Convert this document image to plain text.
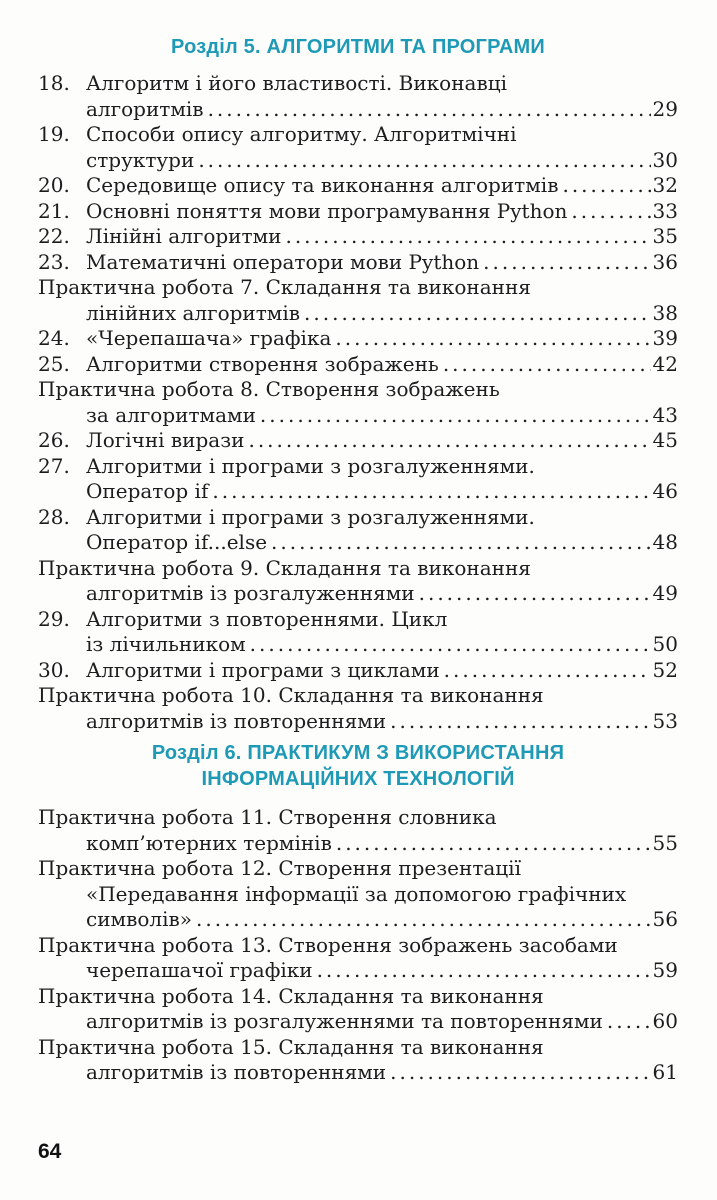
Розділ 5. АЛГОРИТМИ ТА ПРОГРАМИ
18. Алгоритм і його властивості. Виконавці
алгоритмів .....	29
19. Способи опису алгоритму. Алгоритмічні
структури .....	30
20. Середовище опису та виконання алгоритмів .....	32
21. Основні поняття мови програмування Python .....	33
22. Лінійні алгоритми .....	35
23. Математичні оператори мови Python .....	36
Практична робота 7. Складання та виконання
лінійних алгоритмів .....	38
24. «Черепашача» графіка .....	39
25. Алгоритми створення зображень .....	42
Практична робота 8. Створення зображень
за алгоритмами .....	43
26. Логічні вирази .....	45
27. Алгоритми і програми з розгалуженнями.
Оператор if .....	46
28. Алгоритми і програми з розгалуженнями.
Оператор if...else .....	48
Практична робота 9. Складання та виконання
алгоритмів із розгалуженнями .....	49
29. Алгоритми з повтореннями. Цикл
із лічильником .....	50
30. Алгоритми і програми з циклами .....	52
Практична робота 10. Складання та виконання
алгоритмів із повтореннями .....	53
Розділ 6. ПРАКТИКУМ З ВИКОРИСТАННЯ
ІНФОРМАЦІЙНИХ ТЕХНОЛОГІЙ
Практична робота 11. Створення словника
комп’ютерних термінів .....	55
Практична робота 12. Створення презентації
«Передавання інформації за допомогою графічних
символів» .....	56
Практична робота 13. Створення зображень засобами
черепашачої графіки .....	59
Практична робота 14. Складання та виконання
алгоритмів із розгалуженнями та повтореннями ..... 60
Практична робота 15. Складання та виконання
алгоритмів із повтореннями .....	61
64
